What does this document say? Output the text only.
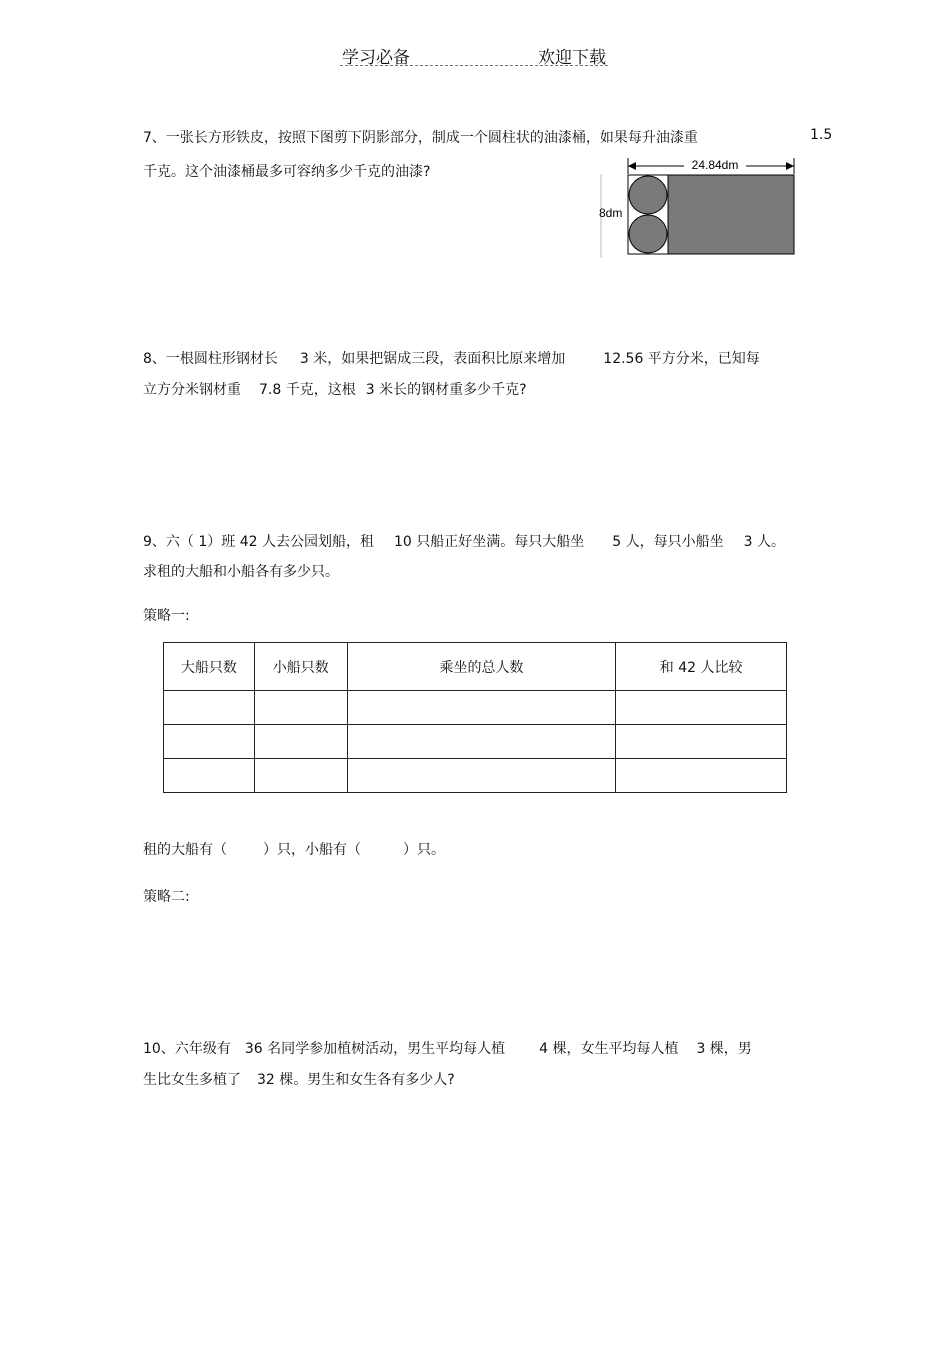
学习必备	欢迎下载
7、一张长方形铁皮，按照下图剪下阴影部分，制成一个圆柱状的油漆桶，如果每升油漆重	1.5
千克。这个油漆桶最多可容纳多少千克的油漆?	24.84dm
8dm
8、一根圆柱形钢材长 3 米，如果把锯成三段，表面积比原来增加	12.56 平方分米，已知每
立方分米钢材重 7.8 千克，这根 3 米长的钢材重多少千克?
9、六（ 1）班 42 人去公园划船，租 10 只船正好坐满。每只大船坐 5 人，每只小船坐 3 人。
求租的大船和小船各有多少只。
策略一:
大船只数	小船只数	乘坐的总人数	和 42 人比较

租的大船有（	）只，小船有（	）只。
策略二:
10、六年级有 36 名同学参加植树活动，男生平均每人植 4 棵，女生平均每人植 3 棵，男
生比女生多植了 32 棵。男生和女生各有多少人?
